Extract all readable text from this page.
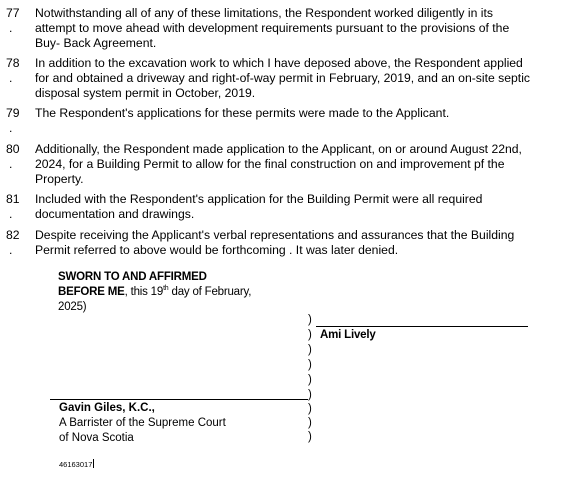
77
.
Notwithstanding all of any of these limitations, the Respondent worked diligently in its
attempt to move ahead with development requirements pursuant to the provisions of the
Buy- Back Agreement.
78
.
In addition to the excavation work to which I have deposed above, the Respondent applied
for and obtained a driveway and right-of-way permit in February, 2019, and an on-site septic
disposal system permit in October, 2019.
79
.
The Respondent's applications for these permits were made to the Applicant.
80
.
Additionally, the Respondent made application to the Applicant, on or around August 22nd,
2024, for a Building Permit to allow for the final construction on and improvement pf the
Property.
81
.
Included with the Respondent's application for the Building Permit were all required
documentation and drawings.
82
.
Despite receiving the Applicant's verbal representations and assurances that the Building
Permit referred to above would be forthcoming . It was later denied.
SWORN TO AND AFFIRMED
BEFORE ME, this 19th day of February,
2025)
)
)
)
)
)
)
)
)
)
Ami Lively
Gavin Giles, K.C.,
A Barrister of the Supreme Court
of Nova Scotia
46163017
